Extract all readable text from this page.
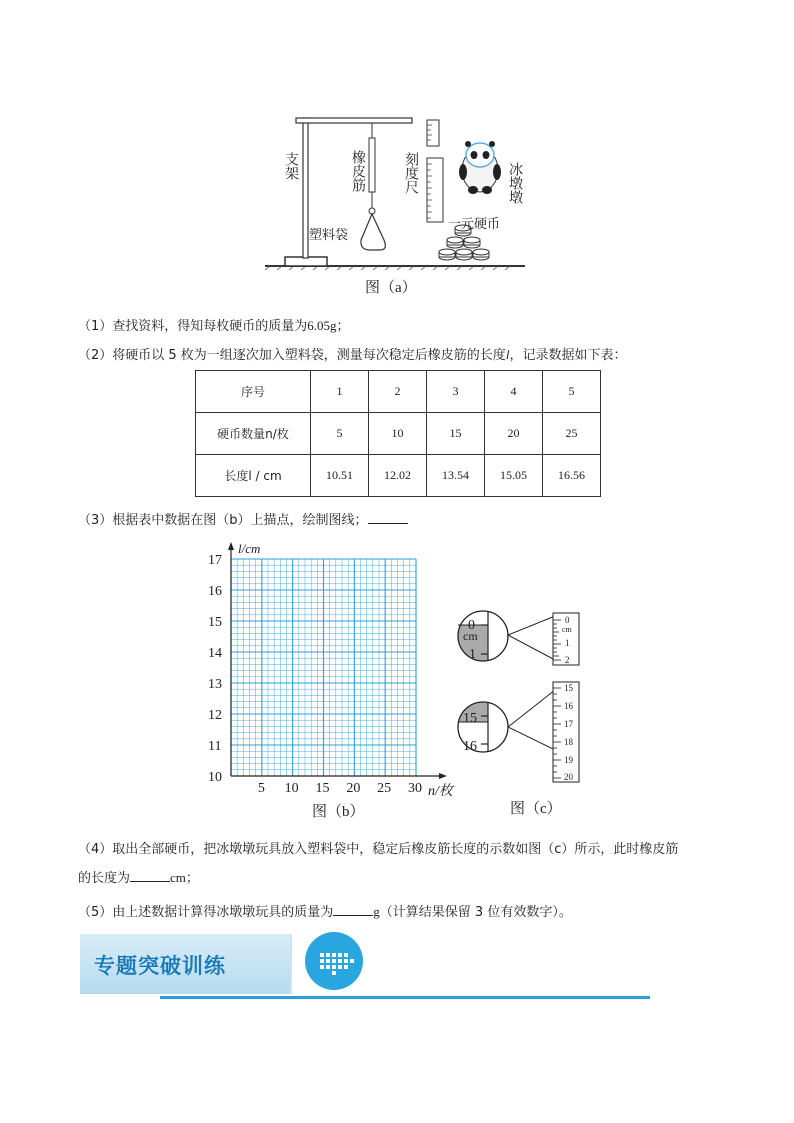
支架	橡皮筋	刻度尺	冰墩墩
塑料袋
一元硬币
图（a）
（1）查找资料，得知每枚硬币的质量为6.05g；
（2）将硬币以 5 枚为一组逐次加入塑料袋，测量每次稳定后橡皮筋的长度l，记录数据如下表：
序号	1	2	3	4	5
硬币数量n/枚	5	10	15	20	25
长度l / cm	10.51	12.02	13.54	15.05	16.56
（3）根据表中数据在图（b）上描点，绘制图线；
17
16
15
14
13
12
11
10
5 10 15 20 25 30
l/cm
n/枚
图（b）
0
cm
1
0
cm
1
2
15
16
15
16
17
18
19
20
图（c）
（4）取出全部硬币，把冰墩墩玩具放入塑料袋中，稳定后橡皮筋长度的示数如图（c）所示，此时橡皮筋
的长度为	cm；
（5）由上述数据计算得冰墩墩玩具的质量为	g（计算结果保留 3 位有效数字）。
专题突破训练
